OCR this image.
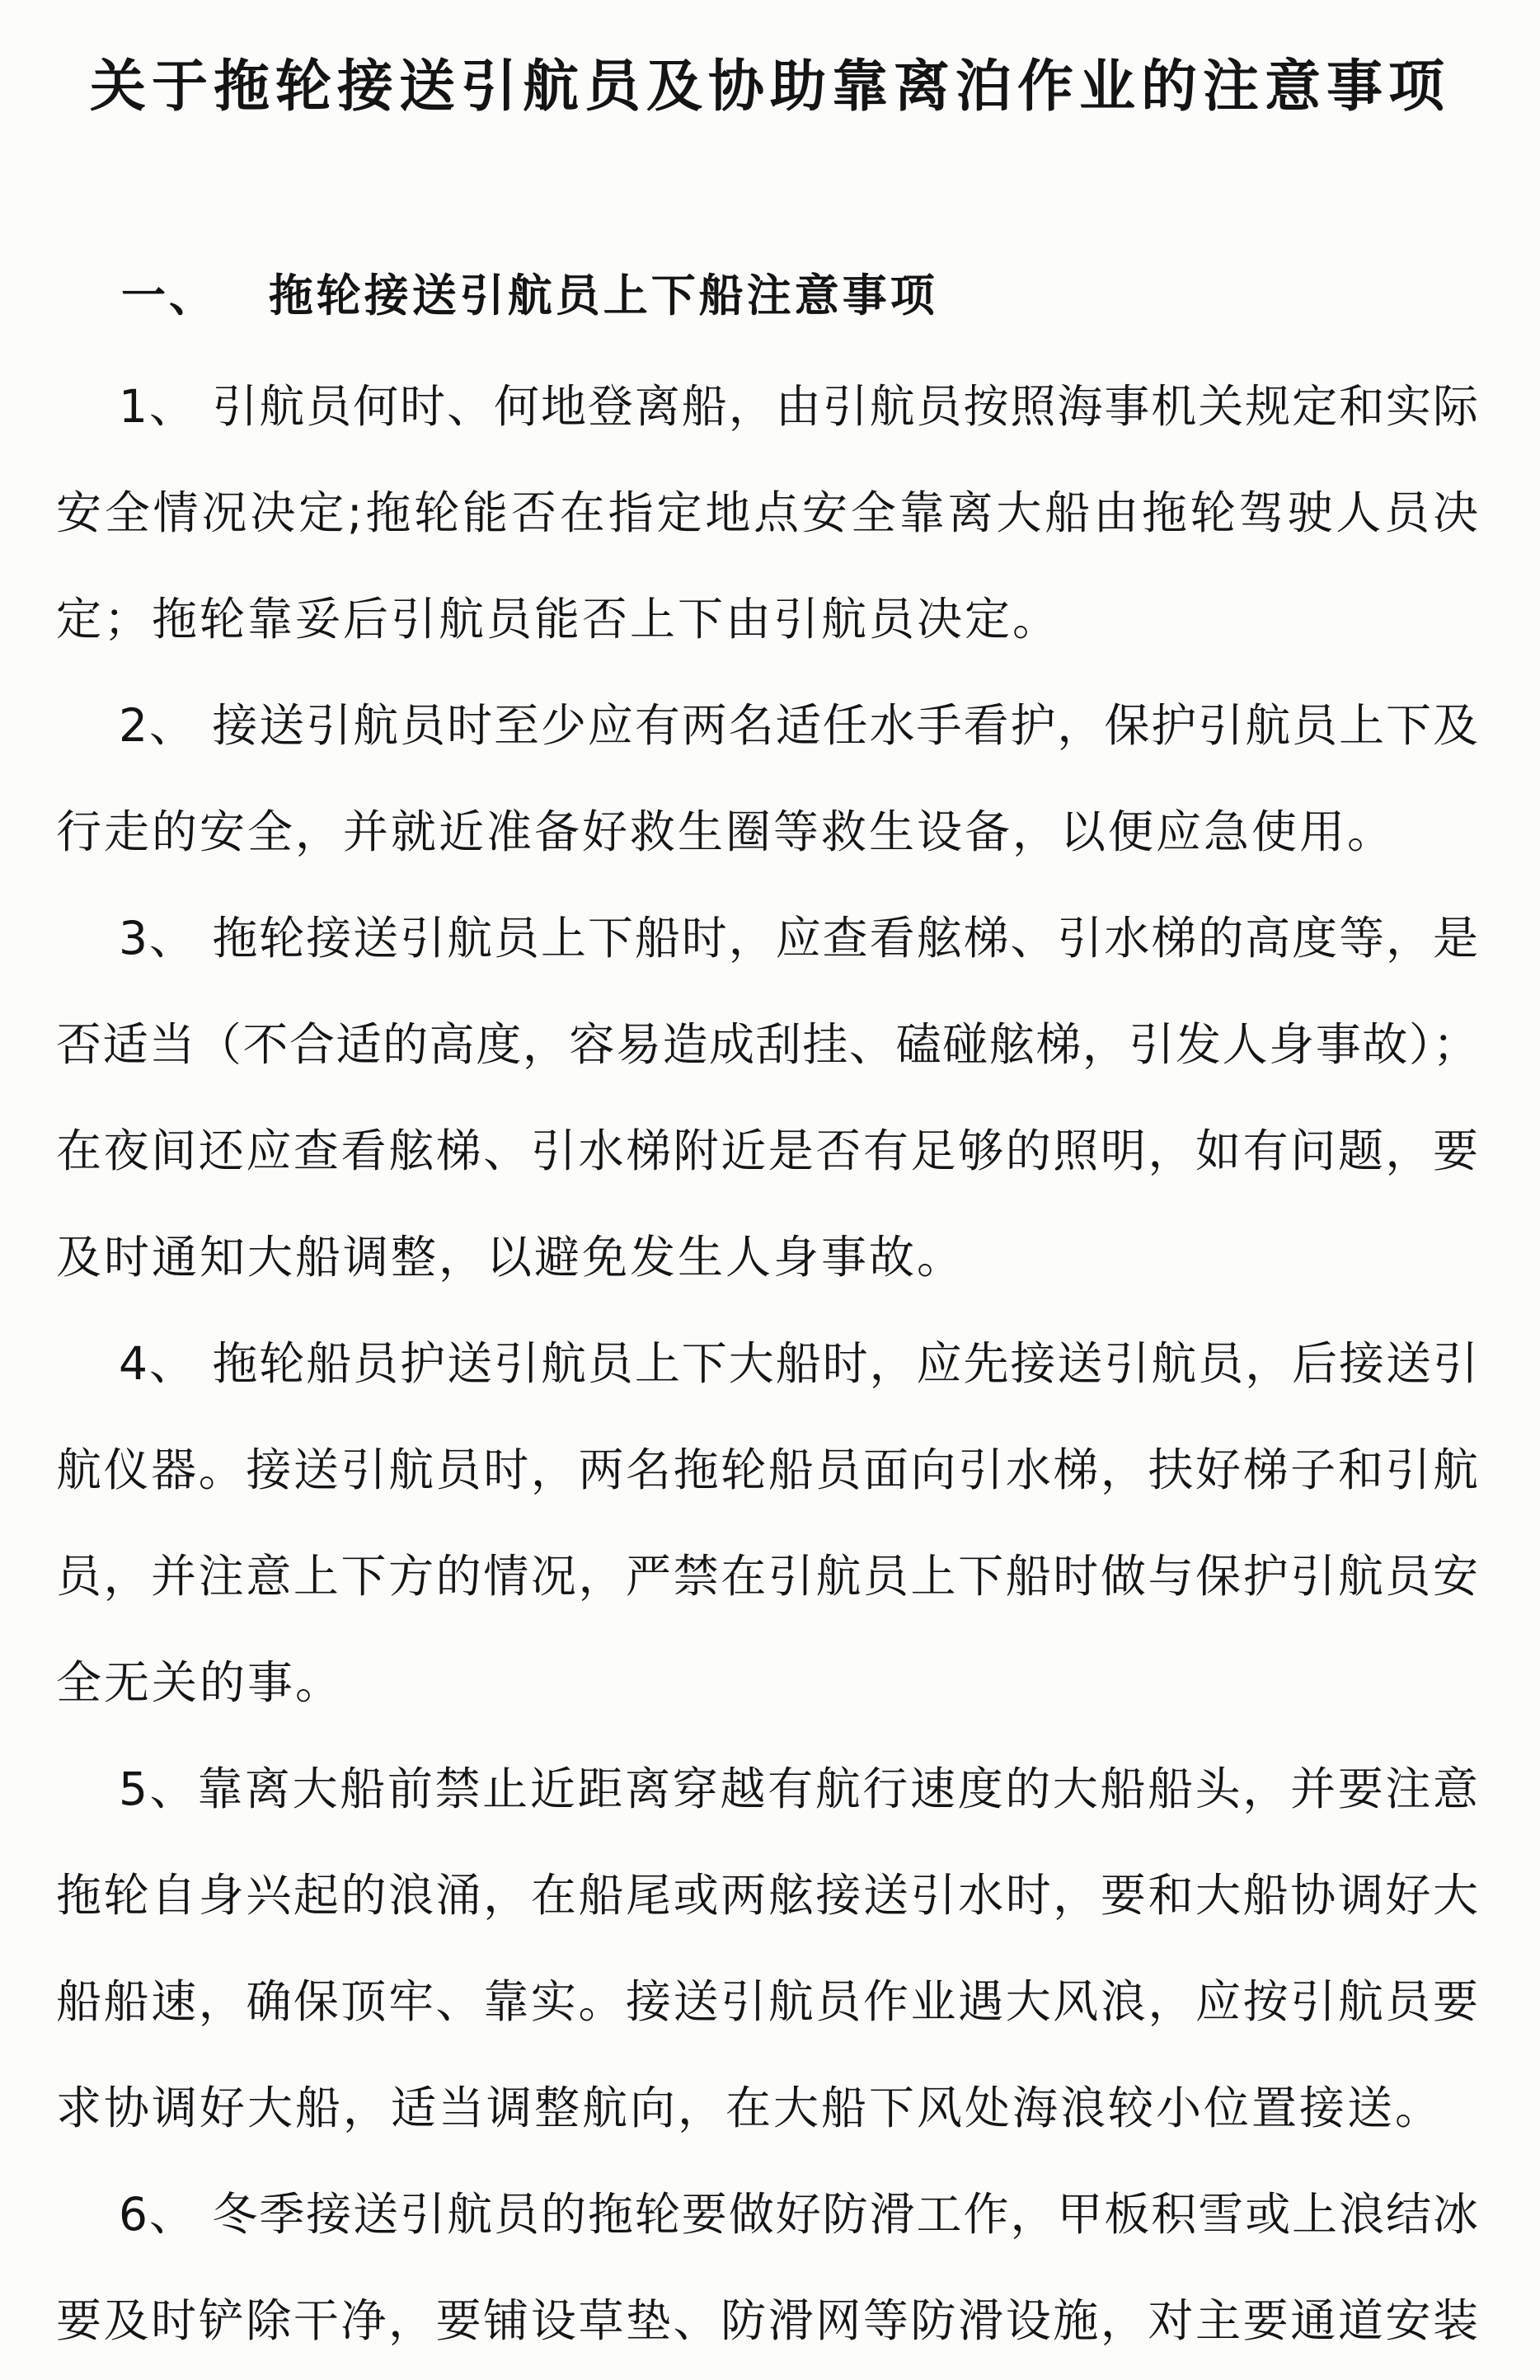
关于拖轮接送引航员及协助靠离泊作业的注意事项
一、 拖轮接送引航员上下船注意事项
1、 引航员何时、何地登离船，由引航员按照海事机关规定和实际
安全情况决定;拖轮能否在指定地点安全靠离大船由拖轮驾驶人员决
定；拖轮靠妥后引航员能否上下由引航员决定。
2、 接送引航员时至少应有两名适任水手看护，保护引航员上下及
行走的安全，并就近准备好救生圈等救生设备，以便应急使用。
3、 拖轮接送引航员上下船时，应查看舷梯、引水梯的高度等，是
否适当（不合适的高度，容易造成刮挂、磕碰舷梯，引发人身事故）；
在夜间还应查看舷梯、引水梯附近是否有足够的照明，如有问题，要
及时通知大船调整，以避免发生人身事故。
4、 拖轮船员护送引航员上下大船时，应先接送引航员，后接送引
航仪器。接送引航员时，两名拖轮船员面向引水梯，扶好梯子和引航
员，并注意上下方的情况，严禁在引航员上下船时做与保护引航员安
全无关的事。
5、靠离大船前禁止近距离穿越有航行速度的大船船头，并要注意
拖轮自身兴起的浪涌，在船尾或两舷接送引水时，要和大船协调好大
船船速，确保顶牢、靠实。接送引航员作业遇大风浪，应按引航员要
求协调好大船，适当调整航向，在大船下风处海浪较小位置接送。
6、 冬季接送引航员的拖轮要做好防滑工作，甲板积雪或上浪结冰
要及时铲除干净，要铺设草垫、防滑网等防滑设施，对主要通道安装
